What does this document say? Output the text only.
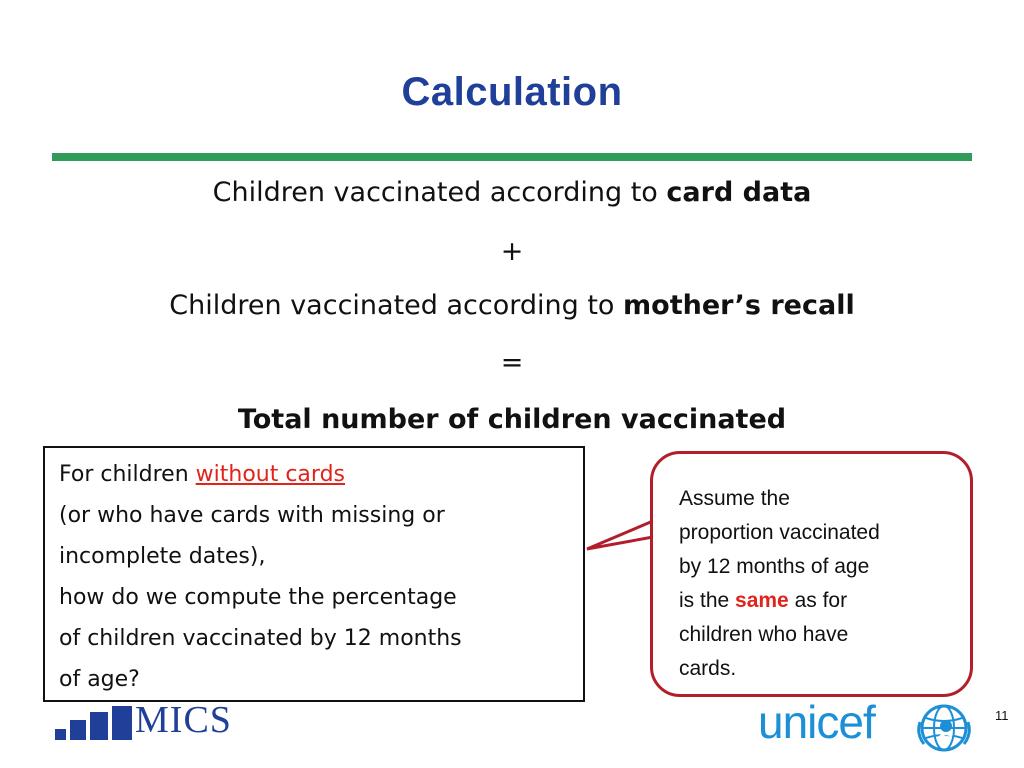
Calculation
Children vaccinated according to card data
+
Children vaccinated according to mother’s recall
=
Total number of children vaccinated
For children without cards
(or who have cards with missing or
incomplete dates),
how do we compute the percentage
of children vaccinated by 12 months
of age?
Assume the
proportion vaccinated
by 12 months of age
is the same as for
children who have
cards.
MICS	unicef	11
